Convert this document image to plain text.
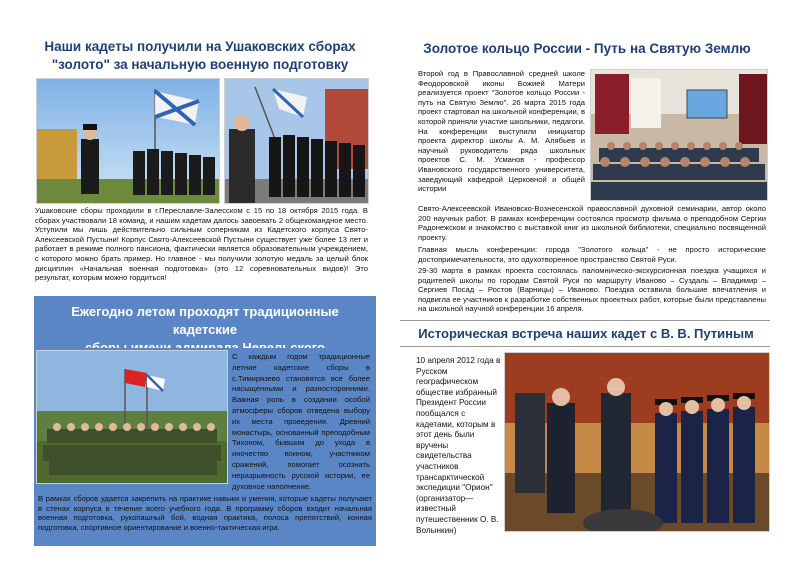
Наши кадеты получили на Ушаковских сборах
"золото" за начальную военную подготовку
Ушаковские сборы проходили в г.Переславле-Залесском с 15 по 18 октября 2015 года. В сборах участвовали 18 команд, и нашим кадетам далось завоевать 2 общекомандное место. Уступили мы лишь действительно сильным соперникам из Кадетского корпуса Свято-Алексеевской Пустыни! Корпус Свято-Алексеевской Пустыни существует уже более 13 лет и работает в режиме полного пансиона, фактически является образовательным учреждением, с которого можно брать пример. Но главное - мы получили золотую медаль за целый блок дисциплин «Начальная военная подготовка» (это 12 соревновательных видов)! Это результат, которым можно гордиться!
Ежегодно летом проходят традиционные кадетские
С каждым годом традиционные летние кадетские сборы в с.Тимирязево становятся все более насыщенными и разносторонними. Важная роль в создании особой атмосферы сборов отведена выбору их места проведения. Древний монастырь, основанный преподобным Тихоном, бывшим до ухода в иночество воином, участником сражений, помогает осознать неразрывность русской истории, ее духовное наполнение.
В рамках сборов удается закрепить на практике навыки и умения, которые кадеты получают в стенах корпуса в течение всего учебного года. В программу сборов входит начальная военная подготовка, рукопашный бой, водная практика, полоса препятствий, конная подготовка, спортивное ориентирование и военно-тактическая игра.
Золотое кольцо России - Путь на Святую Землю
Второй год в Православной средней школе Феодоровской иконы Божией Матери реализуется проект "Золотое кольцо России - путь на Святую Землю". 26 марта 2015 года проект стартовал на школьной конференции, в которой приняли участие школьники, педагоги. На конференции выступили инициатор проекта директор школы А. М. Алябьев и научный руководитель ряда школьных проектов С. М. Усманов - профессор Ивановского государственного университета, заведующий кафедрой Церковной и общей истории
Свято-Алексеевской Ивановско-Вознесенской православной духовной семинарии, автор около 200 научных работ. В рамках конференции состоялся просмотр фильма о преподобном Сергии Радонежском и знакомство с выставкой книг из школьной библиотеки, специально посвященной проекту.
Главная мысль конференции: города "Золотого кольца" - не просто исторические достопримечательности, это одухотворенное пространство Святой Руси.
29-30 марта в рамках проекта состоялась паломническо-экскурсионная поездка учащихся и родителей школы по городам Святой Руси по маршруту Иваново – Суздаль – Владимир – Сергиев Посад – Ростов (Варницы) – Иваново. Поездка оставила большие впечатления и подвигла ее участников к разработке собственных проектных работ, которые были представлены на школьной научной конференции 16 апреля.
Историческая встреча наших кадет с В. В. Путиным
10 апреля 2012 года в Русском географическом обществе избранный Президент России пообщался с кадетами, которым в этот день были вручены свидетельства участников трансарктической экспедиции "Орион" (организатор—известный путешественник О. В. Волынкин)
